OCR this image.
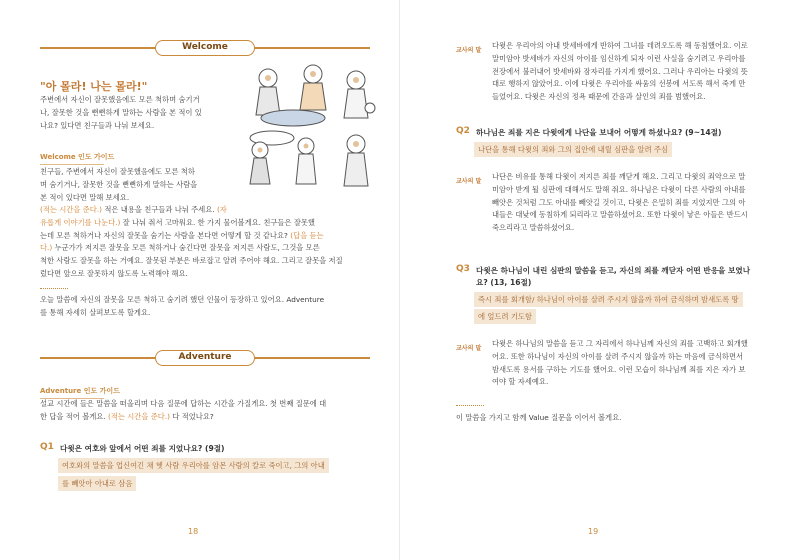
Welcome
"아 몰라! 나는 몰라!"
주변에서 자신이 잘못했음에도 모른 척하며 숨기거
나, 잘못한 것을 뻔뻔하게 말하는 사람을 본 적이 있
나요? 있다면 친구들과 나눠 보세요.
Welcome 인도 가이드
친구들, 주변에서 자신이 잘못했음에도 모른 척하
며 숨기거나, 잘못한 것을 뻔뻔하게 말하는 사람을
본 적이 있다면 말해 보세요.
(적는 시간을 준다.) 적은 내용을 친구들과 나눠 주세요. (자
유롭게 이야기를 나눈다.) 잘 나눠 줘서 고마워요. 한 가지 물어볼게요. 친구들은 잘못했
는데 모른 척하거나 자신의 잘못을 숨기는 사람을 본다면 어떻게 할 것 같나요? (답을 듣는
다.) 누군가가 저지른 잘못을 모른 척하거나 숨긴다면 잘못을 저지른 사람도, 그것을 모른
척한 사람도 잘못을 하는 거예요. 잘못된 부분은 바로잡고 알려 주어야 해요. 그리고 잘못을 저질
렀다면 앞으로 잘못하지 않도록 노력해야 해요.
오늘 말씀에 자신의 잘못을 모른 척하고 숨기려 했던 인물이 등장하고 있어요. Adventure
를 통해 자세히 살펴보도록 할게요.
Adventure
Adventure 인도 가이드
설교 시간에 들은 말씀을 떠올리며 다음 질문에 답하는 시간을 가질게요. 첫 번째 질문에 대
한 답을 적어 볼게요. (적는 시간을 준다.) 다 적었나요?
Q1 다윗은 여호와 앞에서 어떤 죄를 지었나요? (9절)
여호와의 말씀을 업신여긴 채 헷 사람 우리아를 암몬 사람의 칼로 죽이고, 그의 아내
를 빼앗아 아내로 삼음
18
교사의 말
다윗은 우리아의 아내 밧세바에게 반하여 그녀를 데려오도록 해 동침했어요. 이로
말미암아 밧세바가 자신의 아이를 임신하게 되자 이런 사실을 숨기려고 우리아를
전장에서 불러내어 밧세바와 잠자리를 가지게 했어요. 그러나 우리아는 다윗의 뜻
대로 행하지 않았어요. 이에 다윗은 우리아를 싸움의 선봉에 서도록 해서 죽게 만
들었어요. 다윗은 자신의 정욕 때문에 간음과 살인의 죄를 범했어요.
Q2 하나님은 죄를 지은 다윗에게 나단을 보내어 어떻게 하셨나요? (9~14절)
나단을 통해 다윗의 죄와 그의 집안에 내릴 심판을 알려 주심
교사의 말
나단은 비유를 통해 다윗이 저지른 죄를 깨닫게 해요. 그리고 다윗의 죄악으로 말
미암아 받게 될 심판에 대해서도 말해 줘요. 하나님은 다윗이 다른 사람의 아내를
빼앗은 것처럼 그도 아내를 빼앗길 것이고, 다윗은 은밀히 죄를 지었지만 그의 아
내들은 대낮에 동침하게 되리라고 말씀하셨어요. 또한 다윗이 낳은 아들은 반드시
죽으리라고 말씀하셨어요.
Q3 다윗은 하나님이 내린 심판의 말씀을 듣고, 자신의 죄를 깨닫자 어떤 반응을 보였나
요? (13, 16절)
즉시 죄를 회개함/ 하나님이 아이를 살려 주시지 않을까 하여 금식하며 밤새도록 땅
에 엎드려 기도함
교사의 말
다윗은 하나님의 말씀을 듣고 그 자리에서 하나님께 자신의 죄를 고백하고 회개했
어요. 또한 하나님이 자신의 아이를 살려 주시지 않을까 하는 마음에 금식하면서
밤새도록 용서를 구하는 기도를 했어요. 이런 모습이 하나님께 죄를 지은 자가 보
여야 할 자세예요.
이 말씀을 가지고 함께 Value 질문을 이어서 볼게요.
19
